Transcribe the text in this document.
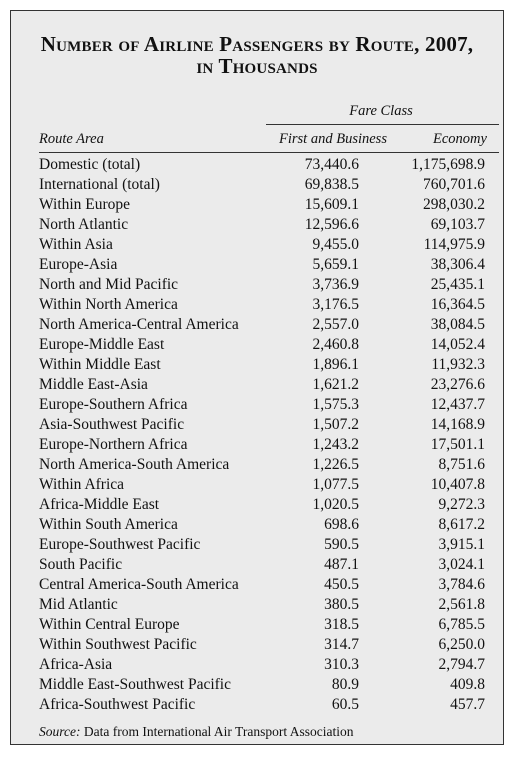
Number of Airline Passengers by Route, 2007,
in Thousands
Fare Class
Route Area	First and Business	Economy
Domestic (total)	73,440.6	1,175,698.9
International (total)	69,838.5	760,701.6
Within Europe	15,609.1	298,030.2
North Atlantic	12,596.6	69,103.7
Within Asia	9,455.0	114,975.9
Europe-Asia	5,659.1	38,306.4
North and Mid Pacific	3,736.9	25,435.1
Within North America	3,176.5	16,364.5
North America-Central America	2,557.0	38,084.5
Europe-Middle East	2,460.8	14,052.4
Within Middle East	1,896.1	11,932.3
Middle East-Asia	1,621.2	23,276.6
Europe-Southern Africa	1,575.3	12,437.7
Asia-Southwest Pacific	1,507.2	14,168.9
Europe-Northern Africa	1,243.2	17,501.1
North America-South America	1,226.5	8,751.6
Within Africa	1,077.5	10,407.8
Africa-Middle East	1,020.5	9,272.3
Within South America	698.6	8,617.2
Europe-Southwest Pacific	590.5	3,915.1
South Pacific	487.1	3,024.1
Central America-South America	450.5	3,784.6
Mid Atlantic	380.5	2,561.8
Within Central Europe	318.5	6,785.5
Within Southwest Pacific	314.7	6,250.0
Africa-Asia	310.3	2,794.7
Middle East-Southwest Pacific	80.9	409.8
Africa-Southwest Pacific	60.5	457.7
Source: Data from International Air Transport Association
